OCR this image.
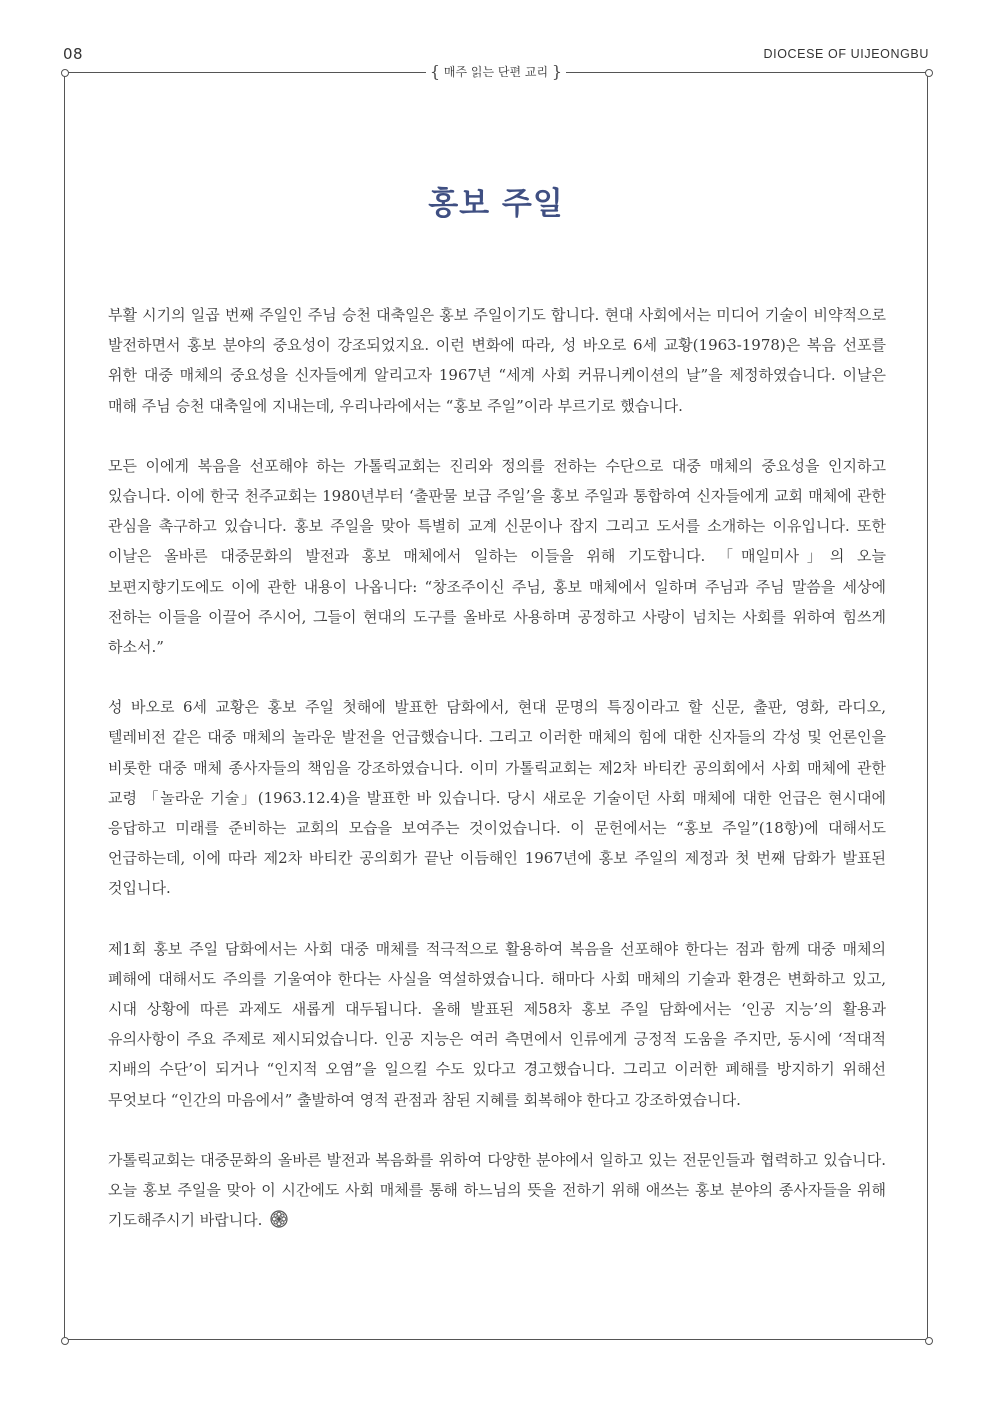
08	DIOCESE OF UIJEONGBU
{ 매주 읽는 단편 교리 }
홍보 주일

부활 시기의 일곱 번째 주일인 주님 승천 대축일은 홍보 주일이기도 합니다. 현대 사회에서는 미디어 기술이 비약적으로 발전하면서 홍보 분야의 중요성이 강조되었지요. 이런 변화에 따라, 성 바오로 6세 교황(1963-1978)은 복음 선포를 위한 대중 매체의 중요성을 신자들에게 알리고자 1967년 “세계 사회 커뮤니케이션의 날”을 제정하였습니다. 이날은 매해 주님 승천 대축일에 지내는데, 우리나라에서는 “홍보 주일”이라 부르기로 했습니다.

모든 이에게 복음을 선포해야 하는 가톨릭교회는 진리와 정의를 전하는 수단으로 대중 매체의 중요성을 인지하고 있습니다. 이에 한국 천주교회는 1980년부터 ‘출판물 보급 주일’을 홍보 주일과 통합하여 신자들에게 교회 매체에 관한 관심을 촉구하고 있습니다. 홍보 주일을 맞아 특별히 교계 신문이나 잡지 그리고 도서를 소개하는 이유입니다. 또한 이날은 올바른 대중문화의 발전과 홍보 매체에서 일하는 이들을 위해 기도합니다. 「매일미사」의 오늘 보편지향기도에도 이에 관한 내용이 나옵니다: “창조주이신 주님, 홍보 매체에서 일하며 주님과 주님 말씀을 세상에 전하는 이들을 이끌어 주시어, 그들이 현대의 도구를 올바로 사용하며 공정하고 사랑이 넘치는 사회를 위하여 힘쓰게 하소서.”

성 바오로 6세 교황은 홍보 주일 첫해에 발표한 담화에서, 현대 문명의 특징이라고 할 신문, 출판, 영화, 라디오, 텔레비전 같은 대중 매체의 놀라운 발전을 언급했습니다. 그리고 이러한 매체의 힘에 대한 신자들의 각성 및 언론인을 비롯한 대중 매체 종사자들의 책임을 강조하였습니다. 이미 가톨릭교회는 제2차 바티칸 공의회에서 사회 매체에 관한 교령 「놀라운 기술」(1963.12.4)을 발표한 바 있습니다. 당시 새로운 기술이던 사회 매체에 대한 언급은 현시대에 응답하고 미래를 준비하는 교회의 모습을 보여주는 것이었습니다. 이 문헌에서는 “홍보 주일”(18항)에 대해서도 언급하는데, 이에 따라 제2차 바티칸 공의회가 끝난 이듬해인 1967년에 홍보 주일의 제정과 첫 번째 담화가 발표된 것입니다.

제1회 홍보 주일 담화에서는 사회 대중 매체를 적극적으로 활용하여 복음을 선포해야 한다는 점과 함께 대중 매체의 폐해에 대해서도 주의를 기울여야 한다는 사실을 역설하였습니다. 해마다 사회 매체의 기술과 환경은 변화하고 있고, 시대 상황에 따른 과제도 새롭게 대두됩니다. 올해 발표된 제58차 홍보 주일 담화에서는 ‘인공 지능’의 활용과 유의사항이 주요 주제로 제시되었습니다. 인공 지능은 여러 측면에서 인류에게 긍정적 도움을 주지만, 동시에 ‘적대적 지배의 수단’이 되거나 “인지적 오염”을 일으킬 수도 있다고 경고했습니다. 그리고 이러한 폐해를 방지하기 위해선 무엇보다 “인간의 마음에서” 출발하여 영적 관점과 참된 지혜를 회복해야 한다고 강조하였습니다.

가톨릭교회는 대중문화의 올바른 발전과 복음화를 위하여 다양한 분야에서 일하고 있는 전문인들과 협력하고 있습니다. 오늘 홍보 주일을 맞아 이 시간에도 사회 매체를 통해 하느님의 뜻을 전하기 위해 애쓰는 홍보 분야의 종사자들을 위해 기도해주시기 바랍니다.
